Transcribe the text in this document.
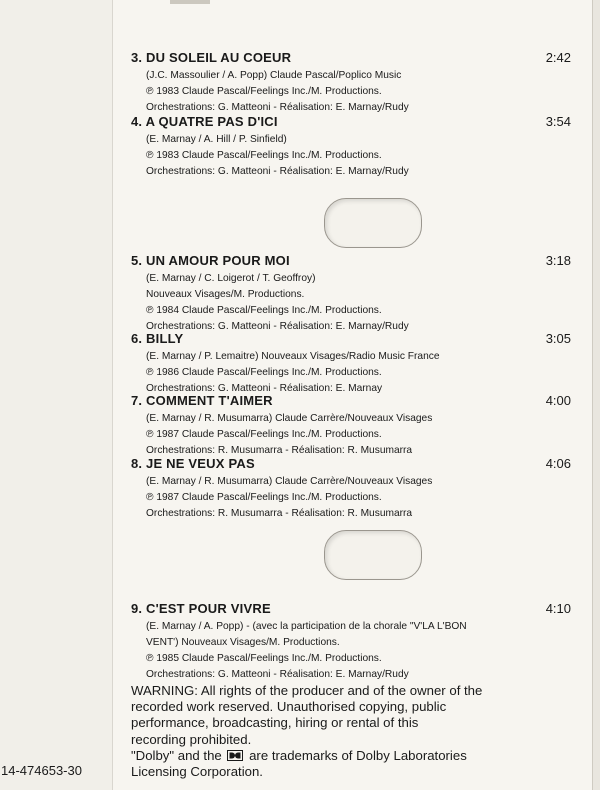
3. DU SOLEIL AU COEUR	2:42
(J.C. Massoulier / A. Popp) Claude Pascal/Poplico Music
℗ 1983 Claude Pascal/Feelings Inc./M. Productions.
Orchestrations: G. Matteoni - Réalisation: E. Marnay/Rudy
4. A QUATRE PAS D'ICI	3:54
(E. Marnay / A. Hill / P. Sinfield)
℗ 1983 Claude Pascal/Feelings Inc./M. Productions.
Orchestrations: G. Matteoni - Réalisation: E. Marnay/Rudy
5. UN AMOUR POUR MOI	3:18
(E. Marnay / C. Loigerot / T. Geoffroy)
Nouveaux Visages/M. Productions.
℗ 1984 Claude Pascal/Feelings Inc./M. Productions.
Orchestrations: G. Matteoni - Réalisation: E. Marnay/Rudy
6. BILLY	3:05
(E. Marnay / P. Lemaitre) Nouveaux Visages/Radio Music France
℗ 1986 Claude Pascal/Feelings Inc./M. Productions.
Orchestrations: G. Matteoni - Réalisation: E. Marnay
7. COMMENT T'AIMER	4:00
(E. Marnay / R. Musumarra) Claude Carrère/Nouveaux Visages
℗ 1987 Claude Pascal/Feelings Inc./M. Productions.
Orchestrations: R. Musumarra - Réalisation: R. Musumarra
8. JE NE VEUX PAS	4:06
(E. Marnay / R. Musumarra) Claude Carrère/Nouveaux Visages
℗ 1987 Claude Pascal/Feelings Inc./M. Productions.
Orchestrations: R. Musumarra - Réalisation: R. Musumarra
9. C'EST POUR VIVRE	4:10
(E. Marnay / A. Popp) - (avec la participation de la chorale "V'LA L'BON
VENT') Nouveaux Visages/M. Productions.
℗ 1985 Claude Pascal/Feelings Inc./M. Productions.
Orchestrations: G. Matteoni - Réalisation: E. Marnay/Rudy
WARNING: All rights of the producer and of the owner of the
recorded work reserved. Unauthorised copying, public
performance, broadcasting, hiring or rental of this
recording prohibited.
"Dolby" and the are trademarks of Dolby Laboratories
Licensing Corporation.
14-474653-30
